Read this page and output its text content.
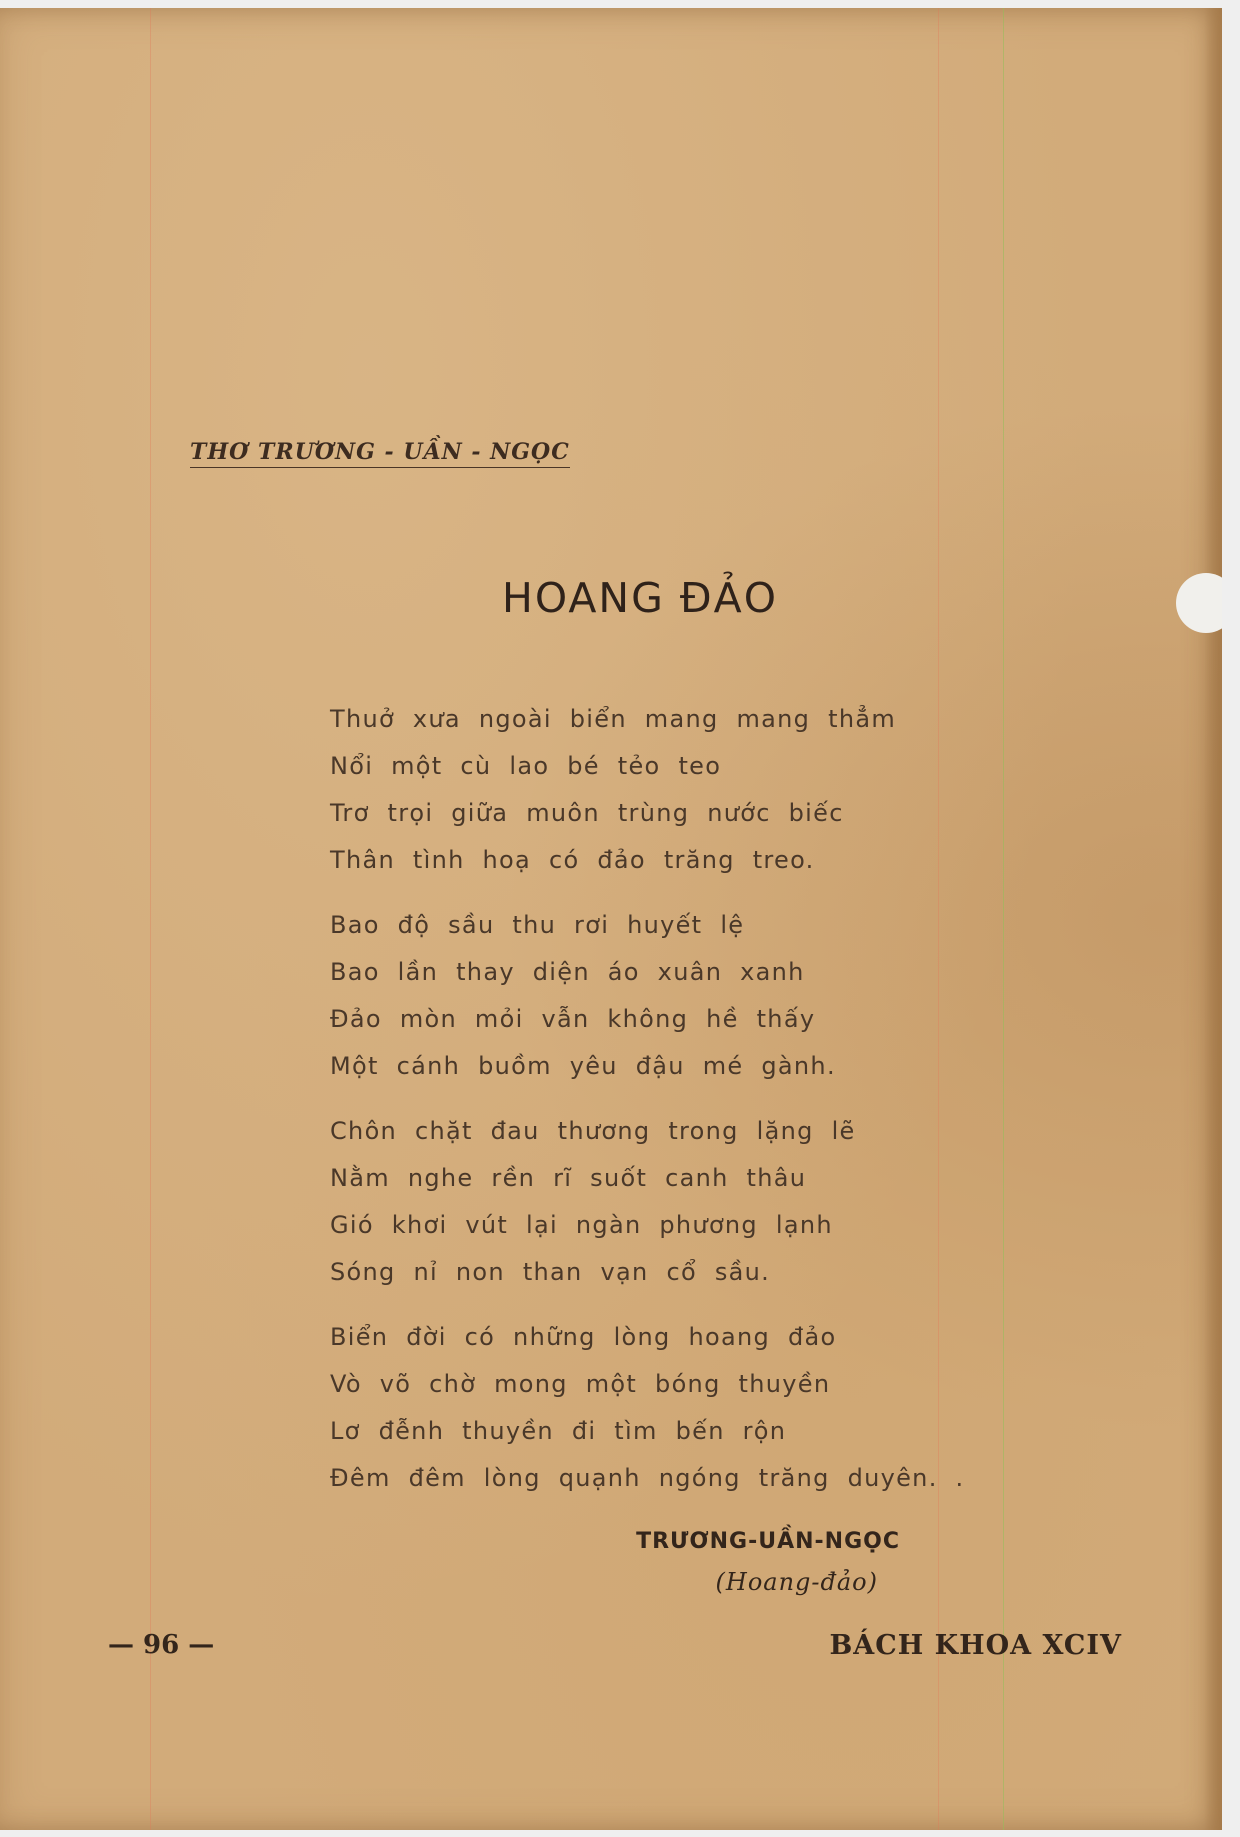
THƠ TRƯƠNG - UẦN - NGỌC
HOANG ĐẢO
Thuở xưa ngoài biển mang mang thẳm
Nổi một cù lao bé tẻo teo
Trơ trọi giữa muôn trùng nước biếc
Thân tình hoạ có đảo trăng treo.
Bao độ sầu thu rơi huyết lệ
Bao lần thay diện áo xuân xanh
Đảo mòn mỏi vẫn không hề thấy
Một cánh buồm yêu đậu mé gành.
Chôn chặt đau thương trong lặng lẽ
Nằm nghe rền rĩ suốt canh thâu
Gió khơi vút lại ngàn phương lạnh
Sóng nỉ non than vạn cổ sầu.
Biển đời có những lòng hoang đảo
Vò võ chờ mong một bóng thuyền
Lơ đễnh thuyền đi tìm bến rộn
Đêm đêm lòng quạnh ngóng trăng duyên. .
TRƯƠNG-UẦN-NGỌC
(Hoang-đảo)
— 96 —	BÁCH KHOA XCIV
